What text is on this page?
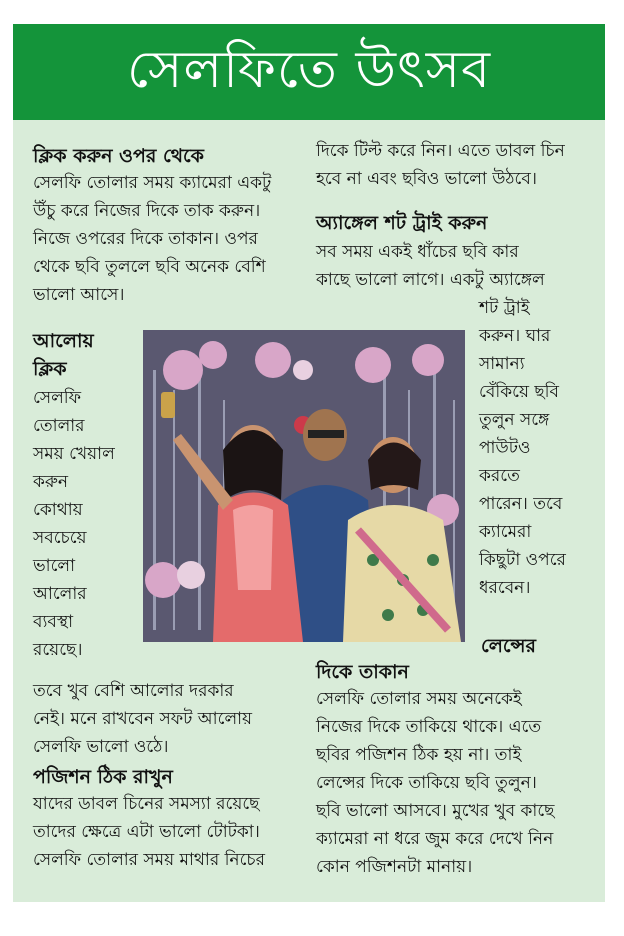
সেলফিতে উৎসব
ক্লিক করুন ওপর থেকে
সেলফি তোলার সময় ক্যামেরা একটু
উঁচু করে নিজের দিকে তাক করুন।
নিজে ওপরের দিকে তাকান। ওপর
থেকে ছবি তুললে ছবি অনেক বেশি
ভালো আসে।
আলোয়
ক্লিক
সেলফি
তোলার
সময় খেয়াল
করুন
কোথায়
সবচেয়ে
ভালো
আলোর
ব্যবস্থা
রয়েছে।
তবে খুব বেশি আলোর দরকার
নেই। মনে রাখবেন সফট আলোয়
সেলফি ভালো ওঠে।
পজিশন ঠিক রাখুন
যাদের ডাবল চিনের সমস্যা রয়েছে
তাদের ক্ষেত্রে এটা ভালো টোটকা।
সেলফি তোলার সময় মাথার নিচের
দিকে টিল্ট করে নিন। এতে ডাবল চিন
হবে না এবং ছবিও ভালো উঠবে।
অ্যাঙ্গেল শট ট্রাই করুন
সব সময় একই ধাঁচের ছবি কার
কাছে ভালো লাগে। একটু অ্যাঙ্গেল
শট ট্রাই
করুন। ঘার
সামান্য
বেঁকিয়ে ছবি
তুলুন সঙ্গে
পাউটও
করতে
পারেন। তবে
ক্যামেরা
কিছুটা ওপরে
ধরবেন।
লেন্সের
দিকে তাকান
সেলফি তোলার সময় অনেকেই
নিজের দিকে তাকিয়ে থাকে। এতে
ছবির পজিশন ঠিক হয় না। তাই
লেন্সের দিকে তাকিয়ে ছবি তুলুন।
ছবি ভালো আসবে। মুখের খুব কাছে
ক্যামেরা না ধরে জুম করে দেখে নিন
কোন পজিশনটা মানায়।
